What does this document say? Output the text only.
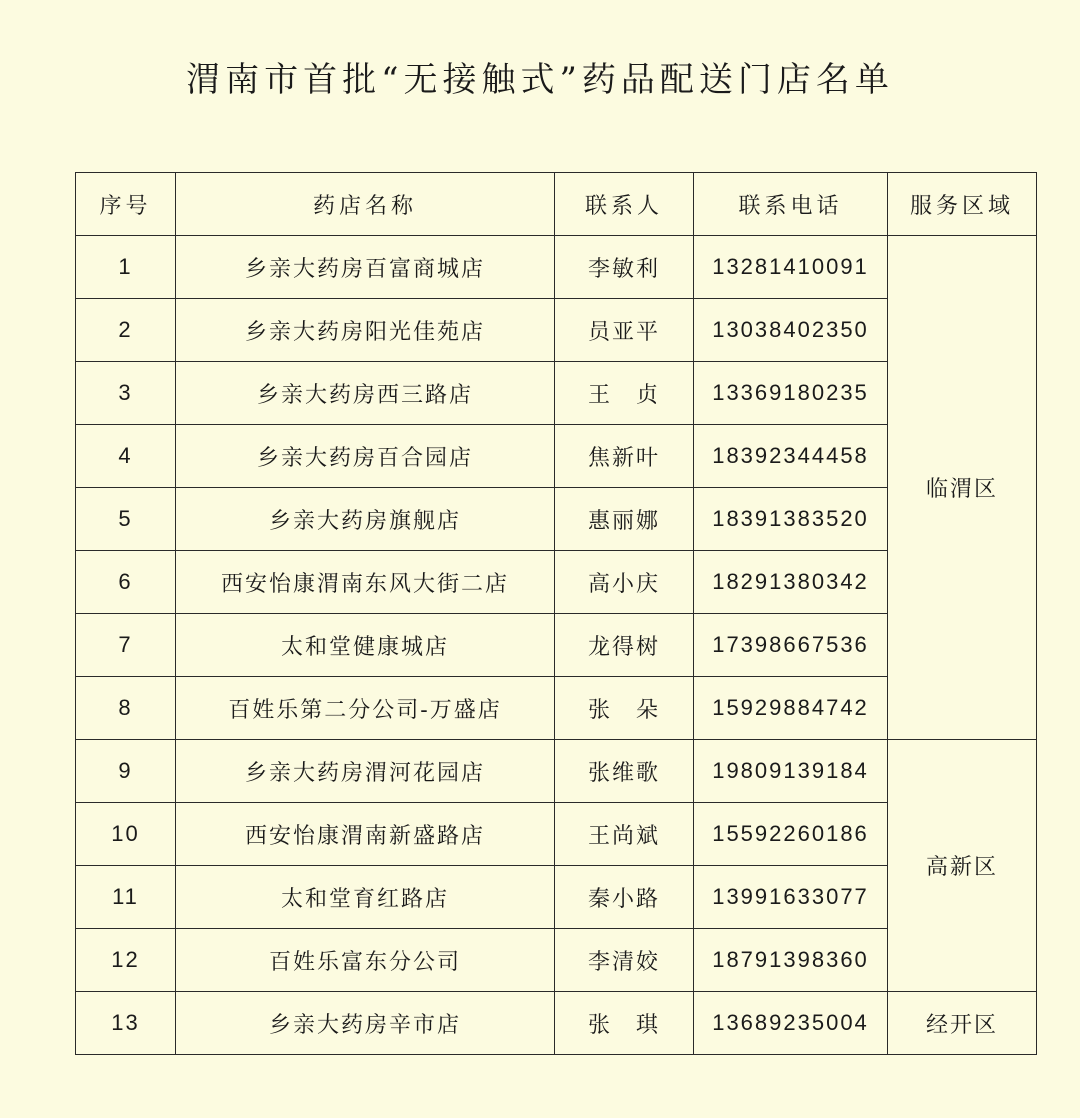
渭南市首批“无接触式”药品配送门店名单
序号	药店名称	联系人	联系电话	服务区域
1	乡亲大药房百富商城店	李敏利	13281410091	临渭区
2	乡亲大药房阳光佳苑店	员亚平	13038402350	
3	乡亲大药房西三路店	王　贞	13369180235	
4	乡亲大药房百合园店	焦新叶	18392344458	
5	乡亲大药房旗舰店	惠丽娜	18391383520	
6	西安怡康渭南东风大街二店	高小庆	18291380342	
7	太和堂健康城店	龙得树	17398667536	
8	百姓乐第二分公司-万盛店	张　朵	15929884742	
9	乡亲大药房渭河花园店	张维歌	19809139184	高新区
10	西安怡康渭南新盛路店	王尚斌	15592260186	
11	太和堂育红路店	秦小路	13991633077	
12	百姓乐富东分公司	李清姣	18791398360	
13	乡亲大药房辛市店	张　琪	13689235004	经开区
